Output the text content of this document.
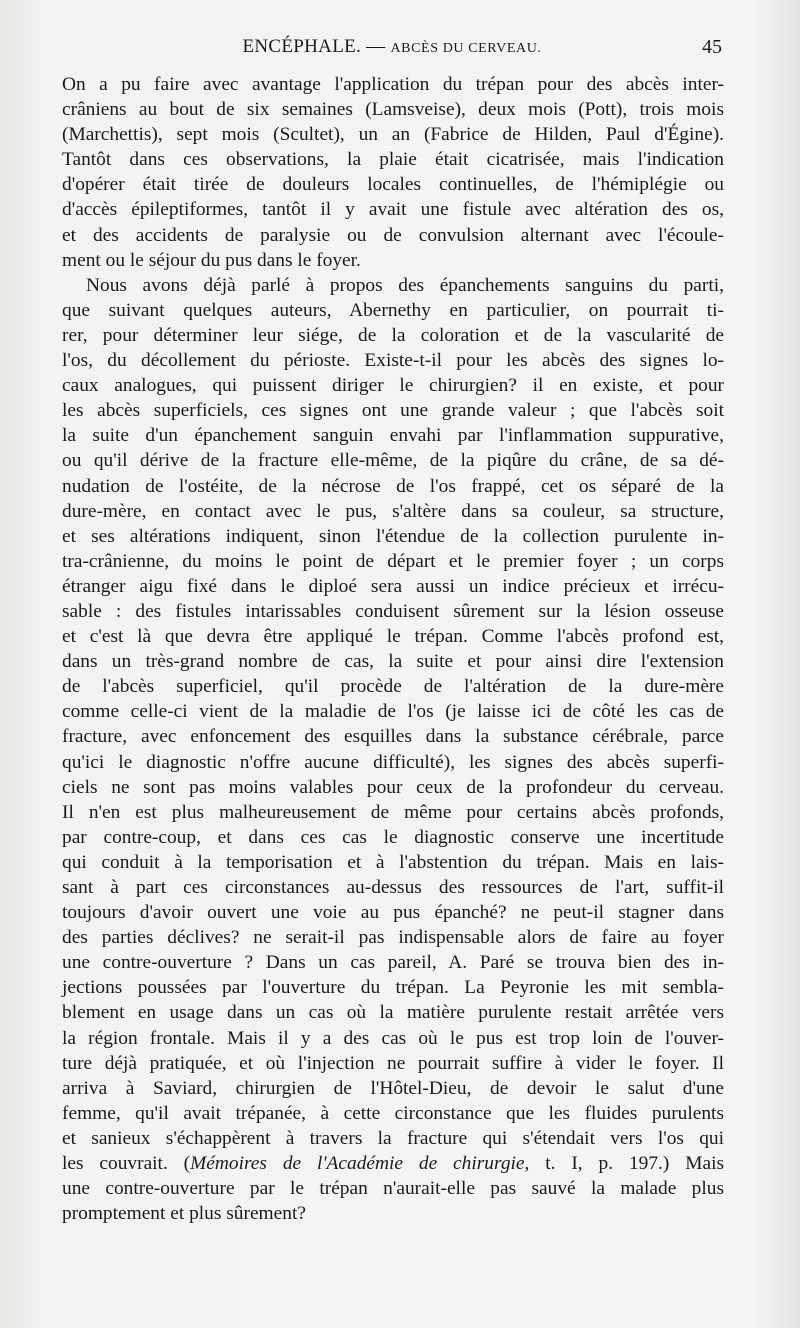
ENCÉPHALE. — ABCÈS DU CERVEAU.	45
On a pu faire avec avantage l'application du trépan pour des abcès inter-
crâniens au bout de six semaines (Lamsveise), deux mois (Pott), trois mois
(Marchettis), sept mois (Scultet), un an (Fabrice de Hilden, Paul d'Égine).
Tantôt dans ces observations, la plaie était cicatrisée, mais l'indication
d'opérer était tirée de douleurs locales continuelles, de l'hémiplégie ou
d'accès épileptiformes, tantôt il y avait une fistule avec altération des os,
et des accidents de paralysie ou de convulsion alternant avec l'écoule-
ment ou le séjour du pus dans le foyer.
Nous avons déjà parlé à propos des épanchements sanguins du parti,
que suivant quelques auteurs, Abernethy en particulier, on pourrait ti-
rer, pour déterminer leur siége, de la coloration et de la vascularité de
l'os, du décollement du périoste. Existe-t-il pour les abcès des signes lo-
caux analogues, qui puissent diriger le chirurgien? il en existe, et pour
les abcès superficiels, ces signes ont une grande valeur ; que l'abcès soit
la suite d'un épanchement sanguin envahi par l'inflammation suppurative,
ou qu'il dérive de la fracture elle-même, de la piqûre du crâne, de sa dé-
nudation de l'ostéite, de la nécrose de l'os frappé, cet os séparé de la
dure-mère, en contact avec le pus, s'altère dans sa couleur, sa structure,
et ses altérations indiquent, sinon l'étendue de la collection purulente in-
tra-crânienne, du moins le point de départ et le premier foyer ; un corps
étranger aigu fixé dans le diploé sera aussi un indice précieux et irrécu-
sable : des fistules intarissables conduisent sûrement sur la lésion osseuse
et c'est là que devra être appliqué le trépan. Comme l'abcès profond est,
dans un très-grand nombre de cas, la suite et pour ainsi dire l'extension
de l'abcès superficiel, qu'il procède de l'altération de la dure-mère
comme celle-ci vient de la maladie de l'os (je laisse ici de côté les cas de
fracture, avec enfoncement des esquilles dans la substance cérébrale, parce
qu'ici le diagnostic n'offre aucune difficulté), les signes des abcès superfi-
ciels ne sont pas moins valables pour ceux de la profondeur du cerveau.
Il n'en est plus malheureusement de même pour certains abcès profonds,
par contre-coup, et dans ces cas le diagnostic conserve une incertitude
qui conduit à la temporisation et à l'abstention du trépan. Mais en lais-
sant à part ces circonstances au-dessus des ressources de l'art, suffit-il
toujours d'avoir ouvert une voie au pus épanché? ne peut-il stagner dans
des parties déclives? ne serait-il pas indispensable alors de faire au foyer
une contre-ouverture ? Dans un cas pareil, A. Paré se trouva bien des in-
jections poussées par l'ouverture du trépan. La Peyronie les mit sembla-
blement en usage dans un cas où la matière purulente restait arrêtée vers
la région frontale. Mais il y a des cas où le pus est trop loin de l'ouver-
ture déjà pratiquée, et où l'injection ne pourrait suffire à vider le foyer. Il
arriva à Saviard, chirurgien de l'Hôtel-Dieu, de devoir le salut d'une
femme, qu'il avait trépanée, à cette circonstance que les fluides purulents
et sanieux s'échappèrent à travers la fracture qui s'étendait vers l'os qui
les couvrait. (Mémoires de l'Académie de chirurgie, t. I, p. 197.) Mais
une contre-ouverture par le trépan n'aurait-elle pas sauvé la malade plus
promptement et plus sûrement?
